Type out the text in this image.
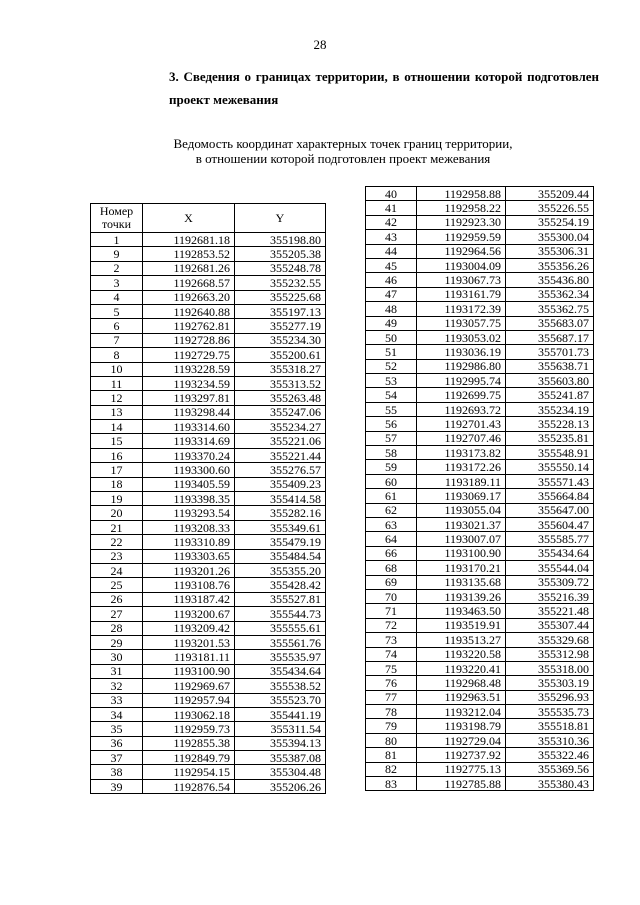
28
3. Сведения о границах территории, в отношении которой подготовлен
проект межевания
Ведомость координат характерных точек границ территории,
в отношении которой подготовлен проект межевания
Номер точки	X	Y
1	1192681.18	355198.80
9	1192853.52	355205.38
2	1192681.26	355248.78
3	1192668.57	355232.55
4	1192663.20	355225.68
5	1192640.88	355197.13
6	1192762.81	355277.19
7	1192728.86	355234.30
8	1192729.75	355200.61
10	1193228.59	355318.27
11	1193234.59	355313.52
12	1193297.81	355263.48
13	1193298.44	355247.06
14	1193314.60	355234.27
15	1193314.69	355221.06
16	1193370.24	355221.44
17	1193300.60	355276.57
18	1193405.59	355409.23
19	1193398.35	355414.58
20	1193293.54	355282.16
21	1193208.33	355349.61
22	1193310.89	355479.19
23	1193303.65	355484.54
24	1193201.26	355355.20
25	1193108.76	355428.42
26	1193187.42	355527.81
27	1193200.67	355544.73
28	1193209.42	355555.61
29	1193201.53	355561.76
30	1193181.11	355535.97
31	1193100.90	355434.64
32	1192969.67	355538.52
33	1192957.94	355523.70
34	1193062.18	355441.19
35	1192959.73	355311.54
36	1192855.38	355394.13
37	1192849.79	355387.08
38	1192954.15	355304.48
39	1192876.54	355206.26
40	1192958.88	355209.44
41	1192958.22	355226.55
42	1192923.30	355254.19
43	1192959.59	355300.04
44	1192964.56	355306.31
45	1193004.09	355356.26
46	1193067.73	355436.80
47	1193161.79	355362.34
48	1193172.39	355362.75
49	1193057.75	355683.07
50	1193053.02	355687.17
51	1193036.19	355701.73
52	1192986.80	355638.71
53	1192995.74	355603.80
54	1192699.75	355241.87
55	1192693.72	355234.19
56	1192701.43	355228.13
57	1192707.46	355235.81
58	1193173.82	355548.91
59	1193172.26	355550.14
60	1193189.11	355571.43
61	1193069.17	355664.84
62	1193055.04	355647.00
63	1193021.37	355604.47
64	1193007.07	355585.77
66	1193100.90	355434.64
68	1193170.21	355544.04
69	1193135.68	355309.72
70	1193139.26	355216.39
71	1193463.50	355221.48
72	1193519.91	355307.44
73	1193513.27	355329.68
74	1193220.58	355312.98
75	1193220.41	355318.00
76	1192968.48	355303.19
77	1192963.51	355296.93
78	1193212.04	355535.73
79	1193198.79	355518.81
80	1192729.04	355310.36
81	1192737.92	355322.46
82	1192775.13	355369.56
83	1192785.88	355380.43
